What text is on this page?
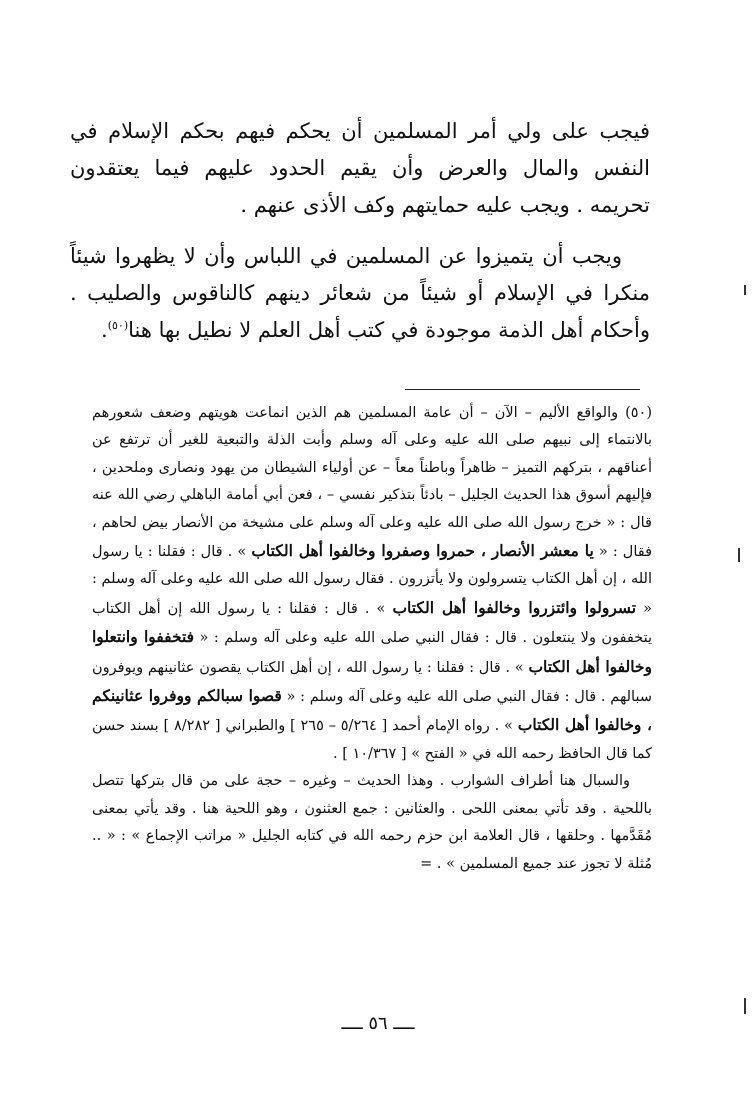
فيجب على ولي أمر المسلمين أن يحكم فيهم بحكم الإسلام في النفس والمال والعرض وأن يقيم الحدود عليهم فيما يعتقدون تحريمه . ويجب عليه حمايتهم وكف الأذى عنهم .

ويجب أن يتميزوا عن المسلمين في اللباس وأن لا يظهروا شيئاً منكرا في الإسلام أو شيئاً من شعائر دينهم كالناقوس والصليب . وأحكام أهل الذمة موجودة في كتب أهل العلم لا نطيل بها هنا$^{(٥٠)}$.

(٥٠) والواقع الأليم – الآن – أن عامة المسلمين هم الذين انماعت هويتهم وضعف شعورهم بالانتماء إلى نبيهم صلى الله عليه وعلى آله وسلم وأبت الذلة والتبعية للغير أن ترتفع عن أعناقهم ، بتركهم التميز – ظاهراً وباطناً معاً – عن أولياء الشيطان من يهود ونصارى وملحدين ، فإليهم أسوق هذا الحديث الجليل – بادئاً بتذكير نفسي – ، فعن أبي أمامة الباهلي رضي الله عنه قال : « خرج رسول الله صلى الله عليه وعلى آله وسلم على مشيخة من الأنصار بيض لحاهم ، فقال : « يا معشر الأنصار ، حمروا وصفروا وخالفوا أهل الكتاب » . قال : فقلنا : يا رسول الله ، إن أهل الكتاب يتسرولون ولا يأتزرون . فقال رسول الله صلى الله عليه وعلى آله وسلم : « تسرولوا وائتزروا وخالفوا أهل الكتاب » . قال : فقلنا : يا رسول الله إن أهل الكتاب يتخففون ولا ينتعلون . قال : فقال النبي صلى الله عليه وعلى آله وسلم : « فتخففوا وانتعلوا وخالفوا أهل الكتاب » . قال : فقلنا : يا رسول الله ، إن أهل الكتاب يقصون عثانينهم ويوفرون سبالهم . قال : فقال النبي صلى الله عليه وعلى آله وسلم : « قصوا سبالكم ووفروا عثانينكم ، وخالفوا أهل الكتاب » . رواه الإمام أحمد [ ٥/٢٦٤ – ٢٦٥ ] والطبراني [ ٨/٢٨٢ ] بسند حسن كما قال الحافظ رحمه الله في « الفتح » [ ١٠/٣٦٧ ] .

والسبال هنا أطراف الشوارب . وهذا الحديث – وغيره – حجة على من قال بتركها تتصل باللحية . وقد تأتي بمعنى اللحى . والعثانين : جمع العثنون ، وهو اللحية هنا . وقد يأتي بمعنى مُقَدَّمها . وحلقها ، قال العلامة ابن حزم رحمه الله في كتابه الجليل « مراتب الإجماع » : « .. مُثلة لا تجوز عند جميع المسلمين » . =

ــــ ٥٦ ــــ
